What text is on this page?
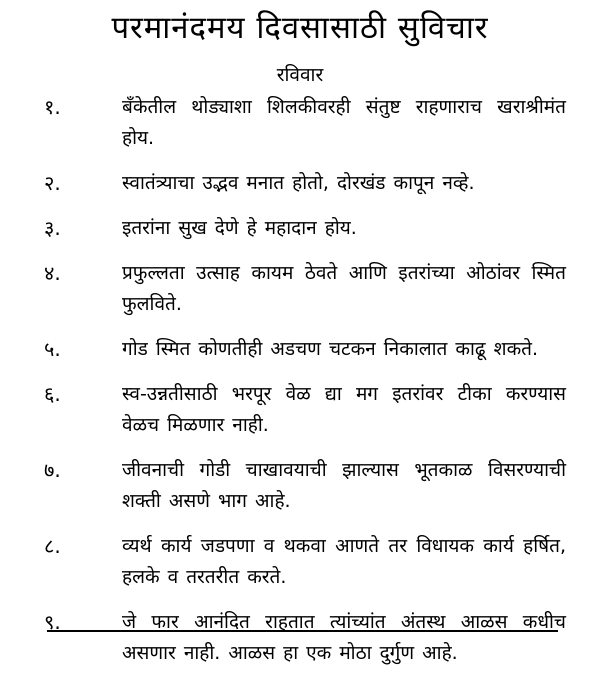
परमानंदमय दिवसासाठी सुविचार
रविवार
१.	बँकेतील थोड्याशा शिलकीवरही संतुष्ट राहणाराच खराश्रीमंत होय.
२.	स्वातंत्र्याचा उद्भव मनात होतो, दोरखंड कापून नव्हे.
३.	इतरांना सुख देणे हे महादान होय.
४.	प्रफुल्लता उत्साह कायम ठेवते आणि इतरांच्या ओठांवर स्मित फुलविते.
५.	गोड स्मित कोणतीही अडचण चटकन निकालात काढू शकते.
६.	स्व-उन्नतीसाठी भरपूर वेळ द्या मग इतरांवर टीका करण्यास वेळच मिळणार नाही.
७.	जीवनाची गोडी चाखावयाची झाल्यास भूतकाळ विसरण्याची शक्ती असणे भाग आहे.
८.	व्यर्थ कार्य जडपणा व थकवा आणते तर विधायक कार्य हर्षित, हलके व तरतरीत करते.
९.	जे फार आनंदित राहतात त्यांच्यांत अंतस्थ आळस कधीच असणार नाही. आळस हा एक मोठा दुर्गुण आहे.
